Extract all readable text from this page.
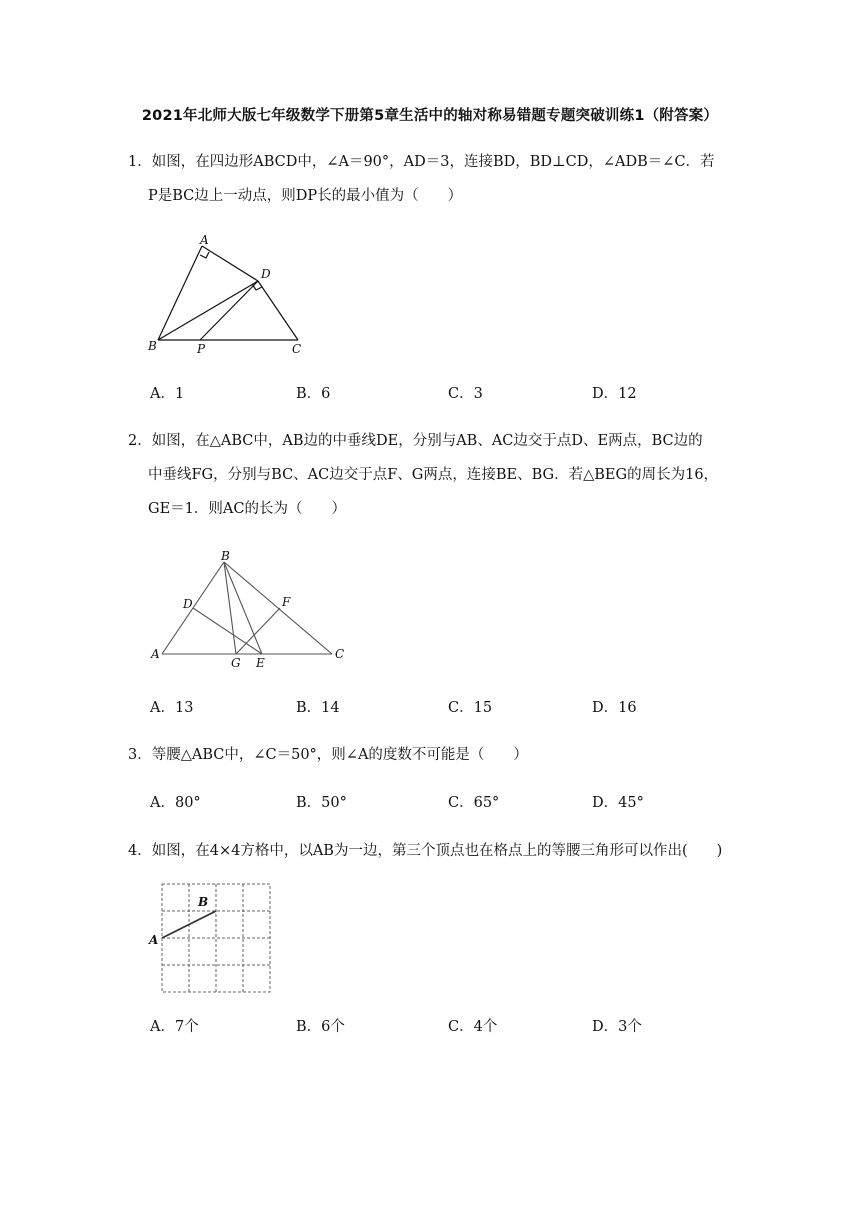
2021年北师大版七年级数学下册第5章生活中的轴对称易错题专题突破训练1（附答案）
1．如图，在四边形ABCD中，∠A＝90°，AD＝3，连接BD，BD⊥CD，∠ADB＝∠C．若
P是BC边上一动点，则DP长的最小值为（　　）
A
D
B	P	C
A．1	B．6	C．3	D．12
2．如图，在△ABC中，AB边的中垂线DE，分别与AB、AC边交于点D、E两点，BC边的
中垂线FG，分别与BC、AC边交于点F、G两点，连接BE、BG．若△BEG的周长为16，
GE＝1．则AC的长为（　　）
B
D	F
A
G E
C
A．13	B．14	C．15	D．16
3．等腰△ABC中，∠C＝50°，则∠A的度数不可能是（　　）
A．80°	B．50°	C．65°	D．45°
4．如图，在4×4方格中，以AB为一边，第三个顶点也在格点上的等腰三角形可以作出(　　)
B
A
A．7个	B．6个	C．4个	D．3个
